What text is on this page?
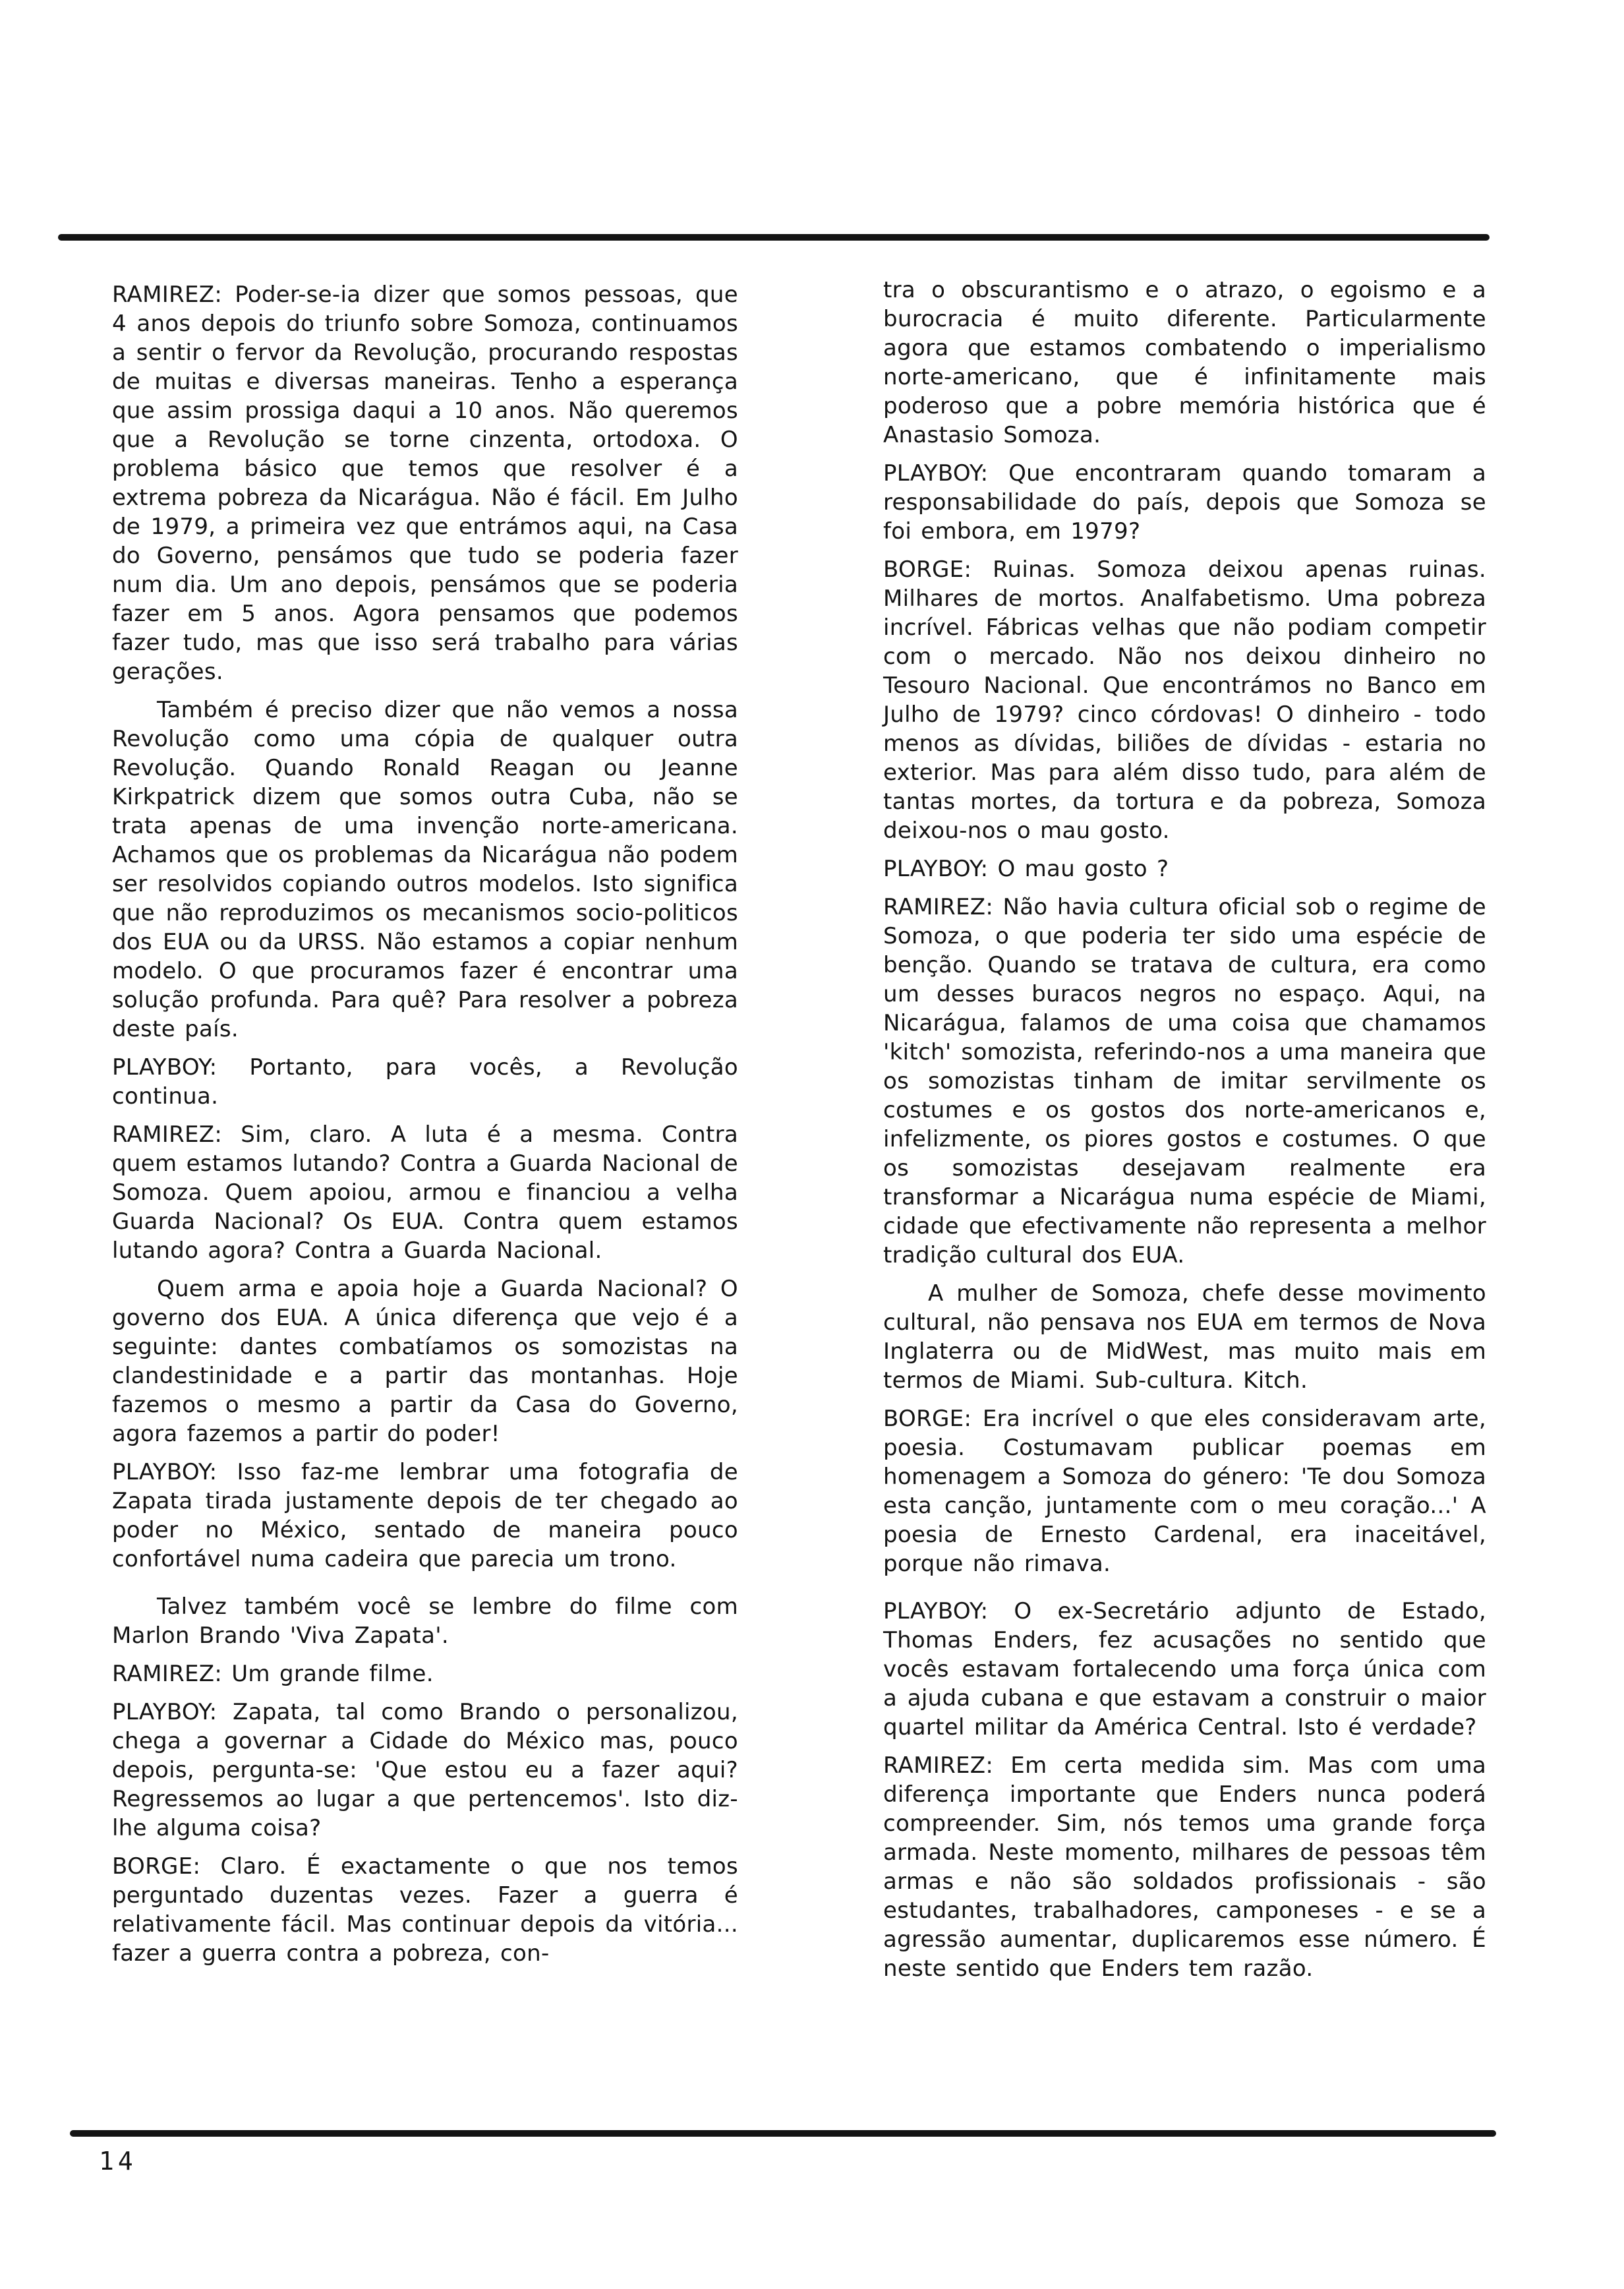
RAMIREZ: Poder-se-ia dizer que somos pessoas, que 4 anos depois do triunfo sobre Somoza, continuamos a sentir o fervor da Revolução, procurando respostas de muitas e diversas maneiras. Tenho a esperança que assim prossiga daqui a 10 anos. Não queremos que a Revolução se torne cinzenta, ortodoxa. O problema básico que temos que resolver é a extrema pobreza da Nicarágua. Não é fácil. Em Julho de 1979, a primeira vez que entrámos aqui, na Casa do Governo, pensámos que tudo se poderia fazer num dia. Um ano depois, pensámos que se poderia fazer em 5 anos. Agora pensamos que podemos fazer tudo, mas que isso será trabalho para várias gerações.

Também é preciso dizer que não vemos a nossa Revolução como uma cópia de qualquer outra Revolução. Quando Ronald Reagan ou Jeanne Kirkpatrick dizem que somos outra Cuba, não se trata apenas de uma invenção norte-americana. Achamos que os problemas da Nicarágua não podem ser resolvidos copiando outros modelos. Isto significa que não reproduzimos os mecanismos socio-politicos dos EUA ou da URSS. Não estamos a copiar nenhum modelo. O que procuramos fazer é encontrar uma solução profunda. Para quê? Para resolver a pobreza deste país.

PLAYBOY: Portanto, para vocês, a Revolução continua.

RAMIREZ: Sim, claro. A luta é a mesma. Contra quem estamos lutando? Contra a Guarda Nacional de Somoza. Quem apoiou, armou e financiou a velha Guarda Nacional? Os EUA. Contra quem estamos lutando agora? Contra a Guarda Nacional.

Quem arma e apoia hoje a Guarda Nacional? O governo dos EUA. A única diferença que vejo é a seguinte: dantes combatíamos os somozistas na clandestinidade e a partir das montanhas. Hoje fazemos o mesmo a partir da Casa do Governo, agora fazemos a partir do poder!

PLAYBOY: Isso faz-me lembrar uma fotografia de Zapata tirada justamente depois de ter chegado ao poder no México, sentado de maneira pouco confortável numa cadeira que parecia um trono.

Talvez também você se lembre do filme com Marlon Brando 'Viva Zapata'.

RAMIREZ: Um grande filme.

PLAYBOY: Zapata, tal como Brando o personalizou, chega a governar a Cidade do México mas, pouco depois, pergunta-se: 'Que estou eu a fazer aqui? Regressemos ao lugar a que pertencemos'. Isto diz-lhe alguma coisa?

BORGE: Claro. É exactamente o que nos temos perguntado duzentas vezes. Fazer a guerra é relativamente fácil. Mas continuar depois da vitória... fazer a guerra contra a pobreza, con-

tra o obscurantismo e o atrazo, o egoismo e a burocracia é muito diferente. Particularmente agora que estamos combatendo o imperialismo norte-americano, que é infinitamente mais poderoso que a pobre memória histórica que é Anastasio Somoza.

PLAYBOY: Que encontraram quando tomaram a responsabilidade do país, depois que Somoza se foi embora, em 1979?

BORGE: Ruinas. Somoza deixou apenas ruinas. Milhares de mortos. Analfabetismo. Uma pobreza incrível. Fábricas velhas que não podiam competir com o mercado. Não nos deixou dinheiro no Tesouro Nacional. Que encontrámos no Banco em Julho de 1979? cinco córdovas! O dinheiro - todo menos as dívidas, biliões de dívidas - estaria no exterior. Mas para além disso tudo, para além de tantas mortes, da tortura e da pobreza, Somoza deixou-nos o mau gosto.

PLAYBOY: O mau gosto ?

RAMIREZ: Não havia cultura oficial sob o regime de Somoza, o que poderia ter sido uma espécie de benção. Quando se tratava de cultura, era como um desses buracos negros no espaço. Aqui, na Nicarágua, falamos de uma coisa que chamamos 'kitch' somozista, referindo-nos a uma maneira que os somozistas tinham de imitar servilmente os costumes e os gostos dos norte-americanos e, infelizmente, os piores gostos e costumes. O que os somozistas desejavam realmente era transformar a Nicarágua numa espécie de Miami, cidade que efectivamente não representa a melhor tradição cultural dos EUA.

A mulher de Somoza, chefe desse movimento cultural, não pensava nos EUA em termos de Nova Inglaterra ou de MidWest, mas muito mais em termos de Miami. Sub-cultura. Kitch.

BORGE: Era incrível o que eles consideravam arte, poesia. Costumavam publicar poemas em homenagem a Somoza do género: 'Te dou Somoza esta canção, juntamente com o meu coração...' A poesia de Ernesto Cardenal, era inaceitável, porque não rimava.

PLAYBOY: O ex-Secretário adjunto de Estado, Thomas Enders, fez acusações no sentido que vocês estavam fortalecendo uma força única com a ajuda cubana e que estavam a construir o maior quartel militar da América Central. Isto é verdade?

RAMIREZ: Em certa medida sim. Mas com uma diferença importante que Enders nunca poderá compreender. Sim, nós temos uma grande força armada. Neste momento, milhares de pessoas têm armas e não são soldados profissionais - são estudantes, trabalhadores, camponeses - e se a agressão aumentar, duplicaremos esse número. É neste sentido que Enders tem razão.

14
